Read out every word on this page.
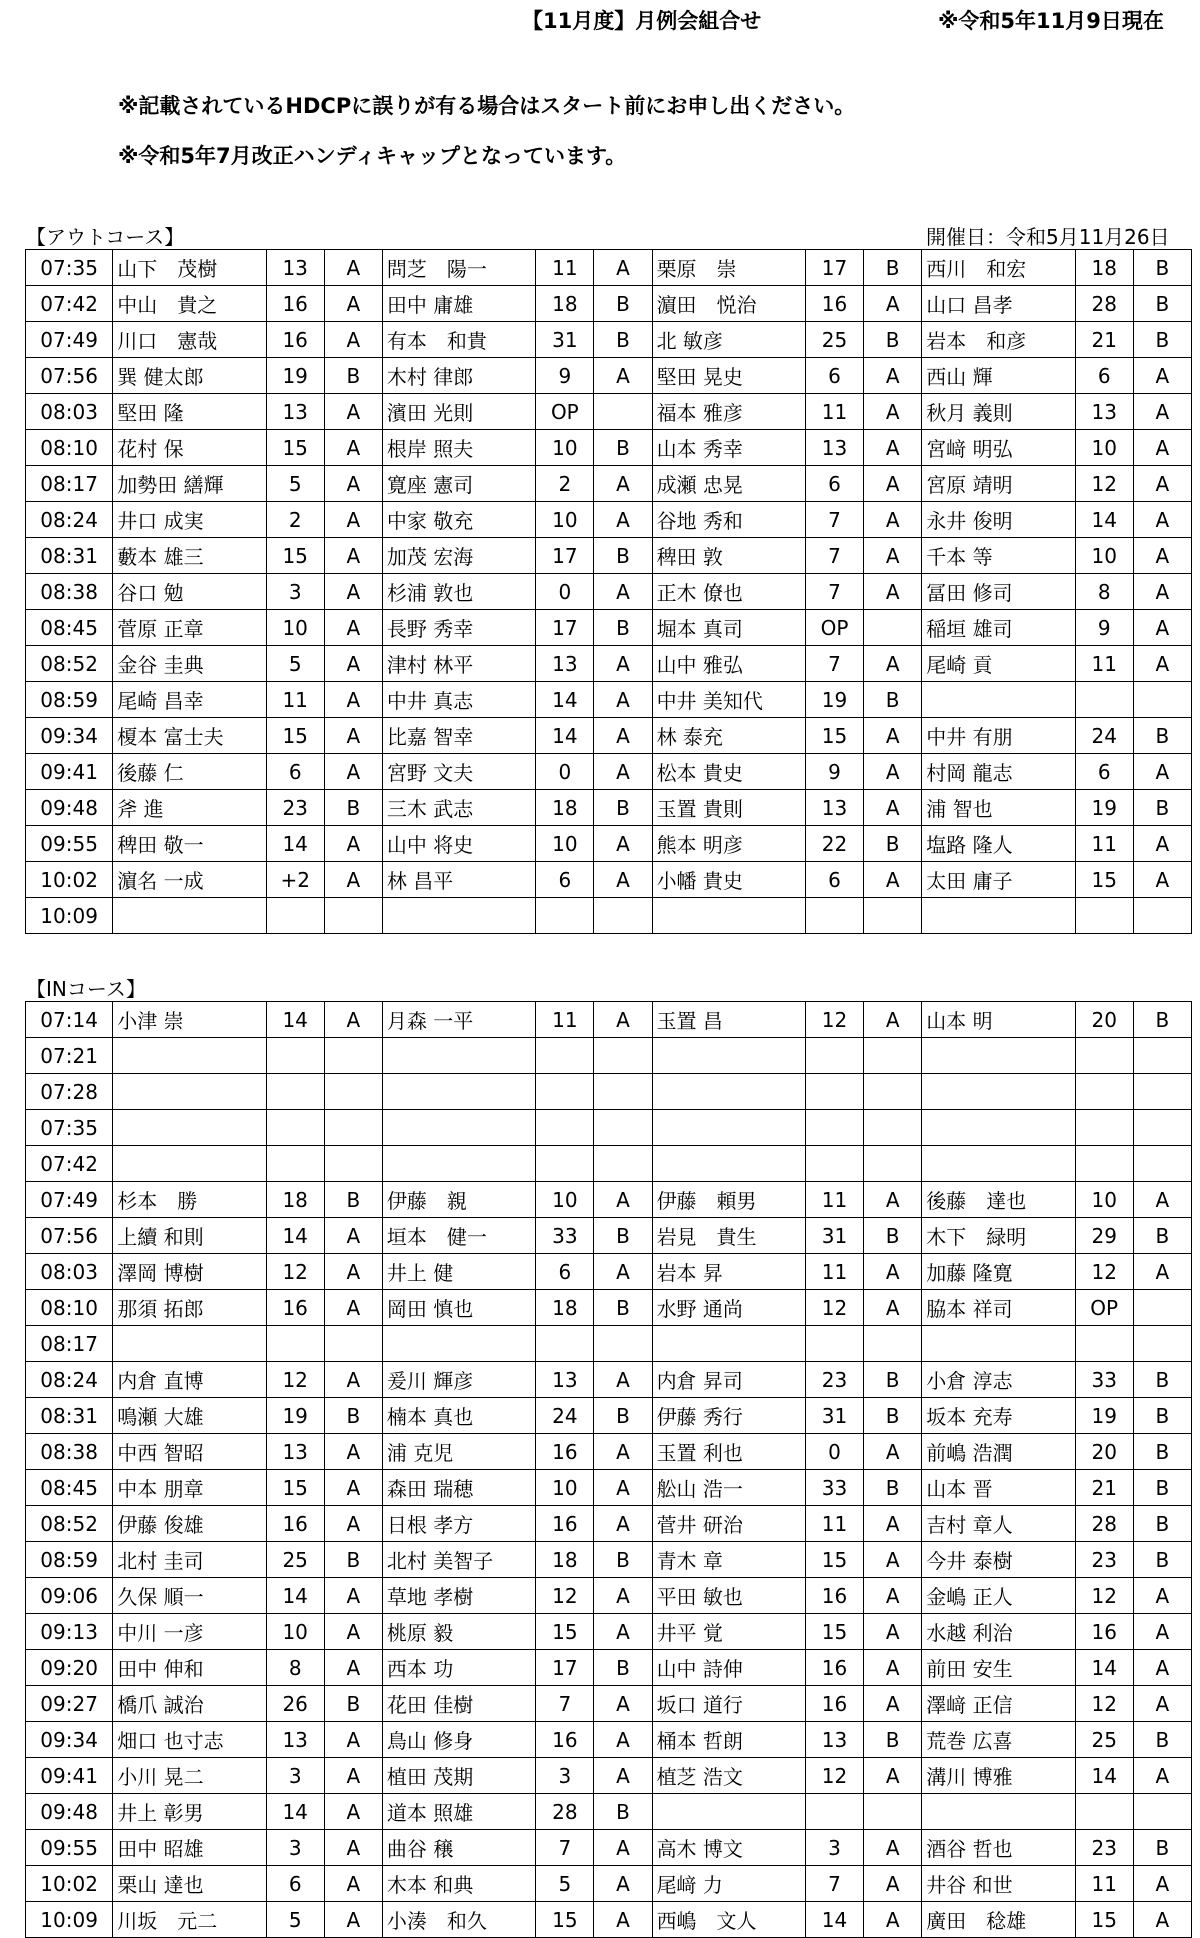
【11月度】月例会組合せ	※令和5年11月9日現在
※記載されているHDCPに誤りが有る場合はスタート前にお申し出ください。
※令和5年7月改正ハンディキャップとなっています。
【アウトコース】	開催日：令和5月11月26日
07:35	山下　茂樹	13	A	問芝　陽一	11	A	栗原　崇	17	B	西川　和宏	18	B
07:42	中山　貴之	16	A	田中 庸雄	18	B	濵田　悦治	16	A	山口 昌孝	28	B
07:49	川口　憲哉	16	A	有本　和貴	31	B	北 敏彦	25	B	岩本　和彦	21	B
07:56	巽 健太郎	19	B	木村 律郎	9	A	堅田 晃史	6	A	西山 輝	6	A
08:03	堅田 隆	13	A	濱田 光則	OP		福本 雅彦	11	A	秋月 義則	13	A
08:10	花村 保	15	A	根岸 照夫	10	B	山本 秀幸	13	A	宮﨑 明弘	10	A
08:17	加勢田 繕輝	5	A	寛座 憲司	2	A	成瀬 忠晃	6	A	宮原 靖明	12	A
08:24	井口 成実	2	A	中家 敬充	10	A	谷地 秀和	7	A	永井 俊明	14	A
08:31	藪本 雄三	15	A	加茂 宏海	17	B	稗田 敦	7	A	千本 等	10	A
08:38	谷口 勉	3	A	杉浦 敦也	0	A	正木 僚也	7	A	冨田 修司	8	A
08:45	菅原 正章	10	A	長野 秀幸	17	B	堀本 真司	OP		稲垣 雄司	9	A
08:52	金谷 圭典	5	A	津村 林平	13	A	山中 雅弘	7	A	尾崎 貢	11	A
08:59	尾崎 昌幸	11	A	中井 真志	14	A	中井 美知代	19	B			
09:34	榎本 富士夫	15	A	比嘉 智幸	14	A	林 泰充	15	A	中井 有朋	24	B
09:41	後藤 仁	6	A	宮野 文夫	0	A	松本 貴史	9	A	村岡 龍志	6	A
09:48	斧 進	23	B	三木 武志	18	B	玉置 貴則	13	A	浦 智也	19	B
09:55	稗田 敬一	14	A	山中 将史	10	A	熊本 明彦	22	B	塩路 隆人	11	A
10:02	濵名 一成	+2	A	林 昌平	6	A	小幡 貴史	6	A	太田 庸子	15	A
10:09												
【INコース】
07:14	小津 崇	14	A	月森 一平	11	A	玉置 昌	12	A	山本 明	20	B
07:21												
07:28												
07:35												
07:42												
07:49	杉本　勝	18	B	伊藤　親	10	A	伊藤　頼男	11	A	後藤　達也	10	A
07:56	上續 和則	14	A	垣本　健一	33	B	岩見　貴生	31	B	木下　緑明	29	B
08:03	澤岡 博樹	12	A	井上 健	6	A	岩本 昇	11	A	加藤 隆寛	12	A
08:10	那須 拓郎	16	A	岡田 慎也	18	B	水野 通尚	12	A	脇本 祥司	OP	
08:17												
08:24	内倉 直博	12	A	爰川 輝彦	13	A	内倉 昇司	23	B	小倉 淳志	33	B
08:31	鳴瀬 大雄	19	B	楠本 真也	24	B	伊藤 秀行	31	B	坂本 充寿	19	B
08:38	中西 智昭	13	A	浦 克児	16	A	玉置 利也	0	A	前嶋 浩潤	20	B
08:45	中本 朋章	15	A	森田 瑞穂	10	A	舩山 浩一	33	B	山本 晋	21	B
08:52	伊藤 俊雄	16	A	日根 孝方	16	A	菅井 研治	11	A	吉村 章人	28	B
08:59	北村 圭司	25	B	北村 美智子	18	B	青木 章	15	A	今井 泰樹	23	B
09:06	久保 順一	14	A	草地 孝樹	12	A	平田 敏也	16	A	金嶋 正人	12	A
09:13	中川 一彦	10	A	桃原 毅	15	A	井平 覚	15	A	水越 利治	16	A
09:20	田中 伸和	8	A	西本 功	17	B	山中 詩伸	16	A	前田 安生	14	A
09:27	橋爪 誠治	26	B	花田 佳樹	7	A	坂口 道行	16	A	澤﨑 正信	12	A
09:34	畑口 也寸志	13	A	鳥山 修身	16	A	桶本 哲朗	13	B	荒巻 広喜	25	B
09:41	小川 晃二	3	A	植田 茂期	3	A	植芝 浩文	12	A	溝川 博雅	14	A
09:48	井上 彰男	14	A	道本 照雄	28	B						
09:55	田中 昭雄	3	A	曲谷 穣	7	A	高木 博文	3	A	酒谷 哲也	23	B
10:02	栗山 達也	6	A	木本 和典	5	A	尾﨑 力	7	A	井谷 和世	11	A
10:09	川坂　元二	5	A	小湊　和久	15	A	西嶋　文人	14	A	廣田　稔雄	15	A
